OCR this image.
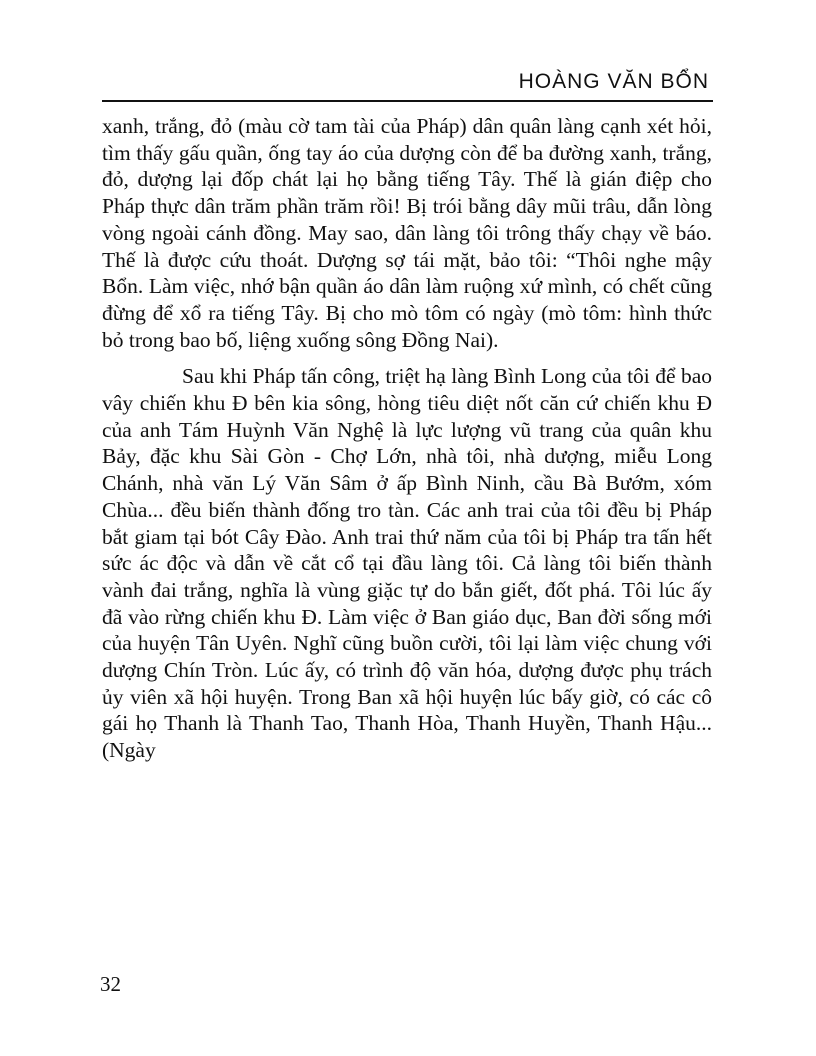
HOÀNG VĂN BỔN

xanh, trắng, đỏ (màu cờ tam tài của Pháp) dân quân làng cạnh xét hỏi, tìm thấy gấu quần, ống tay áo của dượng còn để ba đường xanh, trắng, đỏ, dượng lại đốp chát lại họ bằng tiếng Tây. Thế là gián điệp cho Pháp thực dân trăm phần trăm rồi! Bị trói bằng dây mũi trâu, dẫn lòng vòng ngoài cánh đồng. May sao, dân làng tôi trông thấy chạy về báo. Thế là được cứu thoát. Dượng sợ tái mặt, bảo tôi: “Thôi nghe mậy Bổn. Làm việc, nhớ bận quần áo dân làm ruộng xứ mình, có chết cũng đừng để xổ ra tiếng Tây. Bị cho mò tôm có ngày (mò tôm: hình thức bỏ trong bao bố, liệng xuống sông Đồng Nai).

Sau khi Pháp tấn công, triệt hạ làng Bình Long của tôi để bao vây chiến khu Đ bên kia sông, hòng tiêu diệt nốt căn cứ chiến khu Đ của anh Tám Huỳnh Văn Nghệ là lực lượng vũ trang của quân khu Bảy, đặc khu Sài Gòn - Chợ Lớn, nhà tôi, nhà dượng, miễu Long Chánh, nhà văn Lý Văn Sâm ở ấp Bình Ninh, cầu Bà Bướm, xóm Chùa... đều biến thành đống tro tàn. Các anh trai của tôi đều bị Pháp bắt giam tại bót Cây Đào. Anh trai thứ năm của tôi bị Pháp tra tấn hết sức ác độc và dẫn về cắt cổ tại đầu làng tôi. Cả làng tôi biến thành vành đai trắng, nghĩa là vùng giặc tự do bắn giết, đốt phá. Tôi lúc ấy đã vào rừng chiến khu Đ. Làm việc ở Ban giáo dục, Ban đời sống mới của huyện Tân Uyên. Nghĩ cũng buồn cười, tôi lại làm việc chung với dượng Chín Tròn. Lúc ấy, có trình độ văn hóa, dượng được phụ trách ủy viên xã hội huyện. Trong Ban xã hội huyện lúc bấy giờ, có các cô gái họ Thanh là Thanh Tao, Thanh Hòa, Thanh Huyền, Thanh Hậu... (Ngày

32
